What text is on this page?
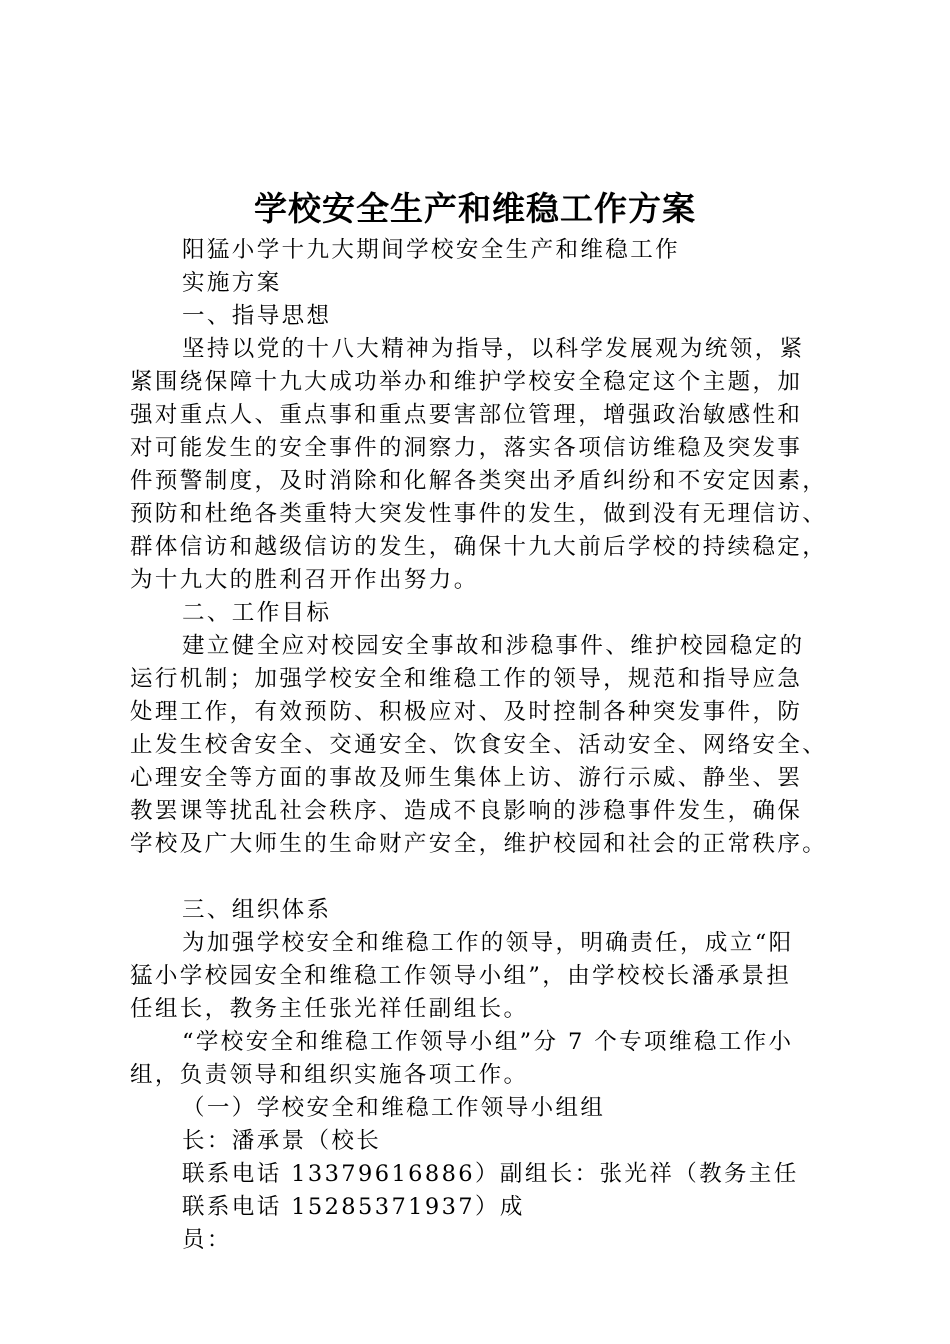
学校安全生产和维稳工作方案
阳猛小学十九大期间学校安全生产和维稳工作
实施方案
一、指导思想
坚持以党的十八大精神为指导，以科学发展观为统领，紧
紧围绕保障十九大成功举办和维护学校安全稳定这个主题，加
强对重点人、重点事和重点要害部位管理，增强政治敏感性和
对可能发生的安全事件的洞察力，落实各项信访维稳及突发事
件预警制度，及时消除和化解各类突出矛盾纠纷和不安定因素，
预防和杜绝各类重特大突发性事件的发生，做到没有无理信访、
群体信访和越级信访的发生，确保十九大前后学校的持续稳定，
为十九大的胜利召开作出努力。
二、工作目标
建立健全应对校园安全事故和涉稳事件、维护校园稳定的
运行机制；加强学校安全和维稳工作的领导，规范和指导应急
处理工作，有效预防、积极应对、及时控制各种突发事件，防
止发生校舍安全、交通安全、饮食安全、活动安全、网络安全、
心理安全等方面的事故及师生集体上访、游行示威、静坐、罢
教罢课等扰乱社会秩序、造成不良影响的涉稳事件发生，确保
学校及广大师生的生命财产安全，维护校园和社会的正常秩序。
三、组织体系
为加强学校安全和维稳工作的领导，明确责任，成立“阳
猛小学校园安全和维稳工作领导小组”，由学校校长潘承景担
任组长，教务主任张光祥任副组长。
“学校安全和维稳工作领导小组”分 7 个专项维稳工作小
组，负责领导和组织实施各项工作。
（一）学校安全和维稳工作领导小组组
长：潘承景（校长
联系电话 13379616886）副组长：张光祥（教务主任
联系电话 15285371937）成
员：
